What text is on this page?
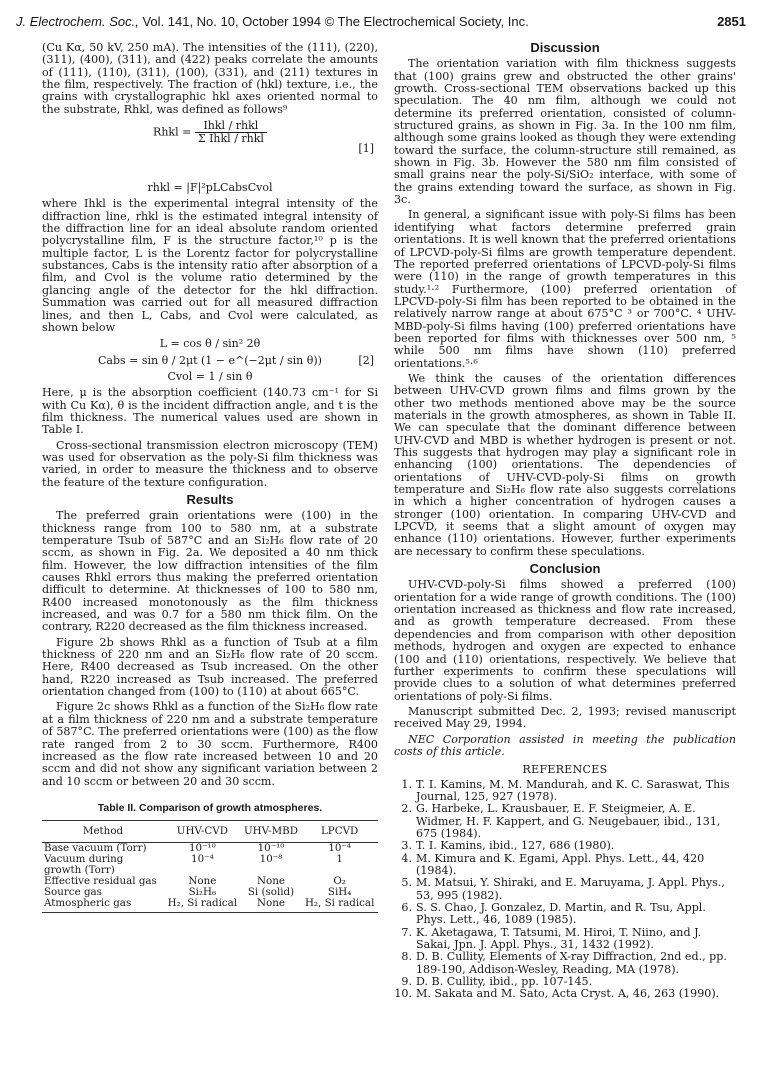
J. Electrochem. Soc., Vol. 141, No. 10, October 1994 © The Electrochemical Society, Inc.	2851

(Cu Kα, 50 kV, 250 mA). The intensities of the (111), (220), (311), (400), (311), and (422) peaks correlate the amounts of (111), (110), (311), (100), (331), and (211) textures in the film, respectively. The fraction of (hkl) texture, i.e., the grains with crystallographic hkl axes oriented normal to the substrate, Rhkl, was defined as follows⁹

Rhkl = $\frac{\text{Ihkl / rhkl}}{\text{Σ Ihkl / rhkl}}$
[1]
rhkl = |F|²pLCabsCvol

where Ihkl is the experimental integral intensity of the diffraction line, rhkl is the estimated integral intensity of the diffraction line for an ideal absolute random oriented polycrystalline film, F is the structure factor,¹⁰ p is the multiple factor, L is the Lorentz factor for polycrystalline substances, Cabs is the intensity ratio after absorption of a film, and Cvol is the volume ratio determined by the glancing angle of the detector for the hkl diffraction. Summation was carried out for all measured diffraction lines, and then L, Cabs, and Cvol were calculated, as shown below

L = cos θ / sin² 2θ
Cabs = sin θ / 2μt (1 − e^(−2μt / sin θ))	[2]
Cvol = 1 / sin θ

Here, μ is the absorption coefficient (140.73 cm⁻¹ for Si with Cu Kα), θ is the incident diffraction angle, and t is the film thickness. The numerical values used are shown in Table I.

Cross-sectional transmission electron microscopy (TEM) was used for observation as the poly-Si film thickness was varied, in order to measure the thickness and to observe the feature of the texture configuration.

Results

The preferred grain orientations were (100) in the thickness range from 100 to 580 nm, at a substrate temperature Tsub of 587°C and an Si₂H₆ flow rate of 20 sccm, as shown in Fig. 2a. We deposited a 40 nm thick film. However, the low diffraction intensities of the film causes Rhkl errors thus making the preferred orientation difficult to determine. At thicknesses of 100 to 580 nm, R400 increased monotonously as the film thickness increased, and was 0.7 for a 580 nm thick film. On the contrary, R220 decreased as the film thickness increased.

Figure 2b shows Rhkl as a function of Tsub at a film thickness of 220 nm and an Si₂H₆ flow rate of 20 sccm. Here, R400 decreased as Tsub increased. On the other hand, R220 increased as Tsub increased. The preferred orientation changed from (100) to (110) at about 665°C.

Figure 2c shows Rhkl as a function of the Si₂H₆ flow rate at a film thickness of 220 nm and a substrate temperature of 587°C. The preferred orientations were (100) as the flow rate ranged from 2 to 30 sccm. Furthermore, R400 increased as the flow rate increased between 10 and 20 sccm and did not show any significant variation between 2 and 10 sccm or between 20 and 30 sccm.

Table II. Comparison of growth atmospheres.
Method	UHV-CVD	UHV-MBD	LPCVD
Base vacuum (Torr)	10⁻¹⁰	10⁻¹⁰	10⁻⁴
Vacuum during	10⁻⁴	10⁻⁸	1
growth (Torr)			
Effective residual gas	None	None	O₂
Source gas	Si₂H₆	Si (solid)	SiH₄
Atmospheric gas	H₂, Si radical	None	H₂, Si radical
Discussion

The orientation variation with film thickness suggests that (100) grains grew and obstructed the other grains' growth. Cross-sectional TEM observations backed up this speculation. The 40 nm film, although we could not determine its preferred orientation, consisted of column-structured grains, as shown in Fig. 3a. In the 100 nm film, although some grains looked as though they were extending toward the surface, the column-structure still remained, as shown in Fig. 3b. However the 580 nm film consisted of small grains near the poly-Si/SiO₂ interface, with some of the grains extending toward the surface, as shown in Fig. 3c.

In general, a significant issue with poly-Si films has been identifying what factors determine preferred grain orientations. It is well known that the preferred orientations of LPCVD-poly-Si films are growth temperature dependent. The reported preferred orientations of LPCVD-poly-Si films were (110) in the range of growth temperatures in this study.¹·² Furthermore, (100) preferred orientation of LPCVD-poly-Si film has been reported to be obtained in the relatively narrow range at about 675°C ³ or 700°C. ⁴ UHV-MBD-poly-Si films having (100) preferred orientations have been reported for films with thicknesses over 500 nm, ⁵ while 500 nm films have shown (110) preferred orientations.⁵·⁶

We think the causes of the orientation differences between UHV-CVD grown films and films grown by the other two methods mentioned above may be the source materials in the growth atmospheres, as shown in Table II. We can speculate that the dominant difference between UHV-CVD and MBD is whether hydrogen is present or not. This suggests that hydrogen may play a significant role in enhancing (100) orientations. The dependencies of orientations of UHV-CVD-poly-Si films on growth temperature and Si₂H₆ flow rate also suggests correlations in which a higher concentration of hydrogen causes a stronger (100) orientation. In comparing UHV-CVD and LPCVD, it seems that a slight amount of oxygen may enhance (110) orientations. However, further experiments are necessary to confirm these speculations.

Conclusion

UHV-CVD-poly-Si films showed a preferred (100) orientation for a wide range of growth conditions. The (100) orientation increased as thickness and flow rate increased, and as growth temperature decreased. From these dependencies and from comparison with other deposition methods, hydrogen and oxygen are expected to enhance (100 and (110) orientations, respectively. We believe that further experiments to confirm these speculations will provide clues to a solution of what determines preferred orientations of poly-Si films.

Manuscript submitted Dec. 2, 1993; revised manuscript received May 29, 1994.

NEC Corporation assisted in meeting the publication costs of this article.

REFERENCES
1. T. I. Kamins, M. M. Mandurah, and K. C. Saraswat, This Journal, 125, 927 (1978).
2. G. Harbeke, L. Krausbauer, E. F. Steigmeier, A. E. Widmer, H. F. Kappert, and G. Neugebauer, ibid., 131, 675 (1984).
3. T. I. Kamins, ibid., 127, 686 (1980).
4. M. Kimura and K. Egami, Appl. Phys. Lett., 44, 420 (1984).
5. M. Matsui, Y. Shiraki, and E. Maruyama, J. Appl. Phys., 53, 995 (1982).
6. S. S. Chao, J. Gonzalez, D. Martin, and R. Tsu, Appl. Phys. Lett., 46, 1089 (1985).
7. K. Aketagawa, T. Tatsumi, M. Hiroi, T. Niino, and J. Sakai, Jpn. J. Appl. Phys., 31, 1432 (1992).
8. D. B. Cullity, Elements of X-ray Diffraction, 2nd ed., pp. 189-190, Addison-Wesley, Reading, MA (1978).
9. D. B. Cullity, ibid., pp. 107-145.
10. M. Sakata and M. Sato, Acta Cryst. A, 46, 263 (1990).
